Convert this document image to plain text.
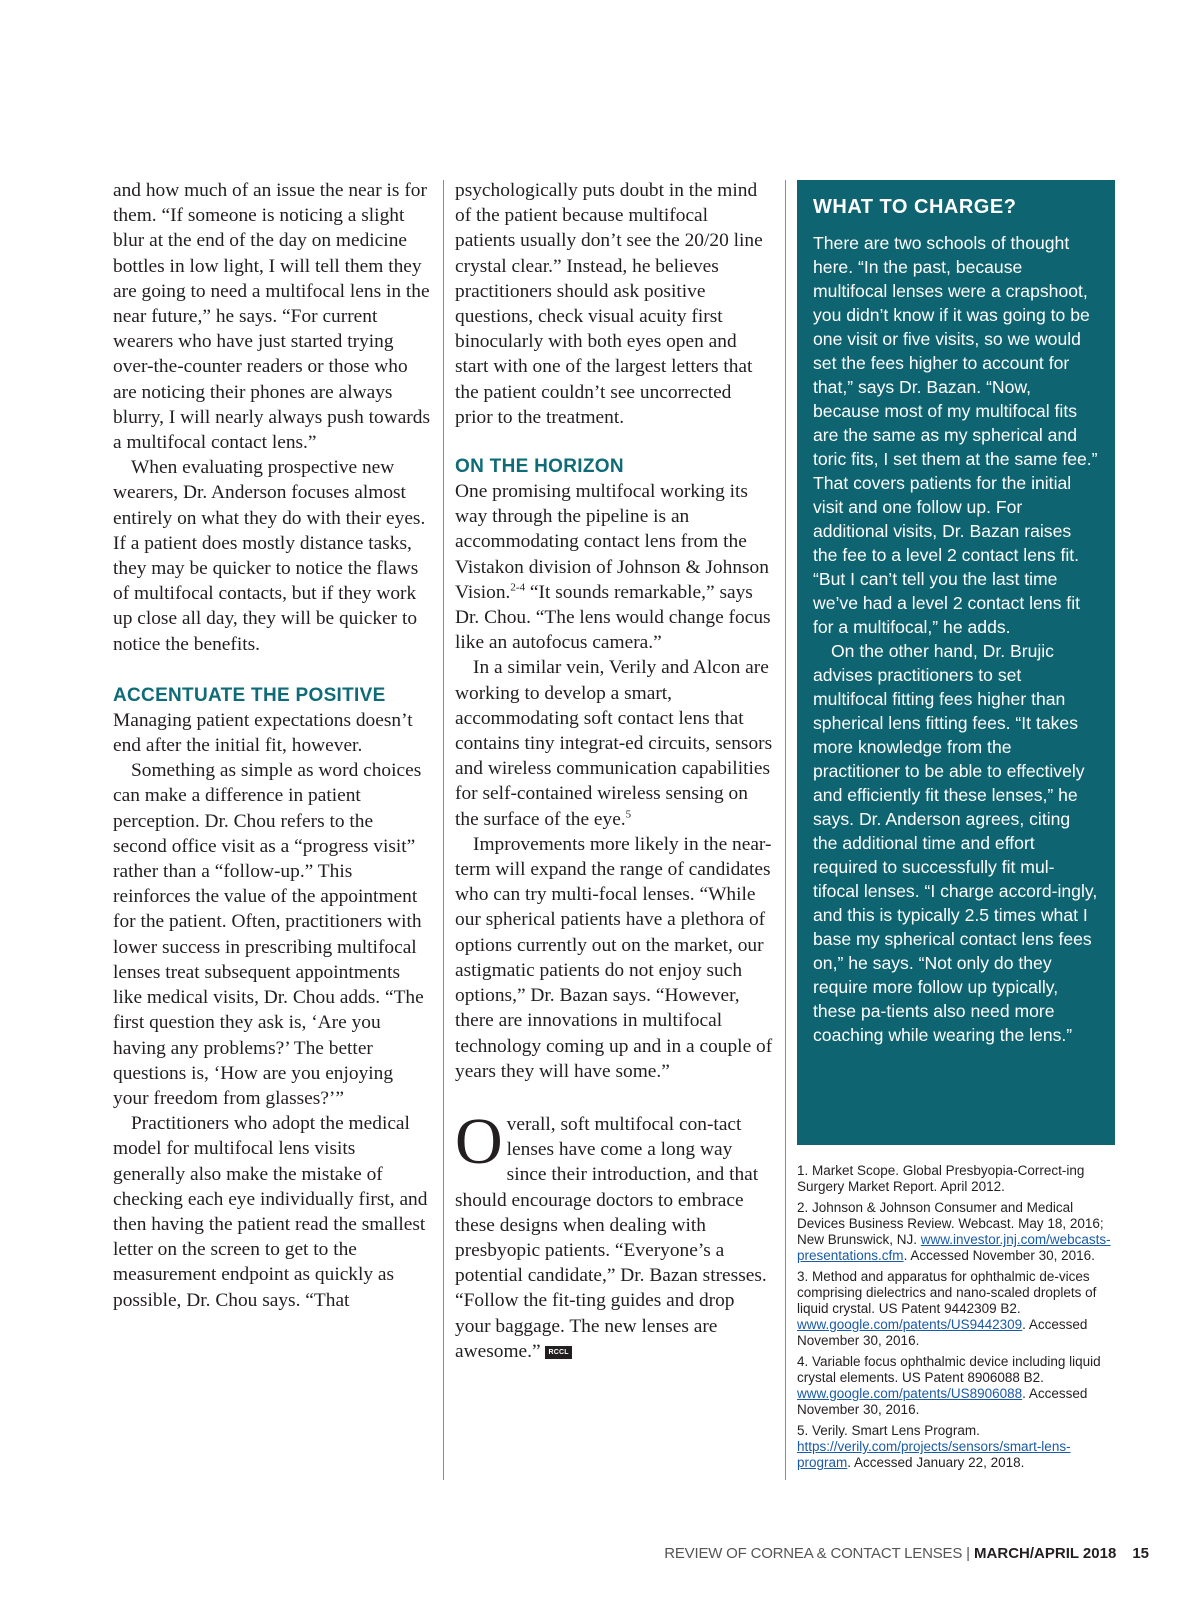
and how much of an issue the near is for them. “If someone is noticing a slight blur at the end of the day on medicine bottles in low light, I will tell them they are going to need a multifocal lens in the near future,” he says. “For current wearers who have just started trying over-the-counter readers or those who are noticing their phones are always blurry, I will nearly always push towards a multifocal contact lens.”

When evaluating prospective new wearers, Dr. Anderson focuses almost entirely on what they do with their eyes. If a patient does mostly distance tasks, they may be quicker to notice the flaws of multifocal contacts, but if they work up close all day, they will be quicker to notice the benefits.

ACCENTUATE THE POSITIVE

Managing patient expectations doesn’t end after the initial fit, however.

Something as simple as word choices can make a difference in patient perception. Dr. Chou refers to the second office visit as a “progress visit” rather than a “follow-up.” This reinforces the value of the appointment for the patient. Often, practitioners with lower success in prescribing multifocal lenses treat subsequent appointments like medical visits, Dr. Chou adds. “The first question they ask is, ‘Are you having any problems?’ The better questions is, ‘How are you enjoying your freedom from glasses?’”

Practitioners who adopt the medical model for multifocal lens visits generally also make the mistake of checking each eye individually first, and then having the patient read the smallest letter on the screen to get to the measurement endpoint as quickly as possible, Dr. Chou says. “That

psychologically puts doubt in the mind of the patient because multifocal patients usually don’t see the 20/20 line crystal clear.” Instead, he believes practitioners should ask positive questions, check visual acuity first binocularly with both eyes open and start with one of the largest letters that the patient couldn’t see uncorrected prior to the treatment.

ON THE HORIZON

One promising multifocal working its way through the pipeline is an accommodating contact lens from the Vistakon division of Johnson & Johnson Vision.$^{2-4}$ “It sounds remarkable,” says Dr. Chou. “The lens would change focus like an autofocus camera.”

In a similar vein, Verily and Alcon are working to develop a smart, accommodating soft contact lens that contains tiny integrat-ed circuits, sensors and wireless communication capabilities for self-contained wireless sensing on the surface of the eye.$^5$

Improvements more likely in the near-term will expand the range of candidates who can try multi-focal lenses. “While our spherical patients have a plethora of options currently out on the market, our astigmatic patients do not enjoy such options,” Dr. Bazan says. “However, there are innovations in multifocal technology coming up and in a couple of years they will have some.”

Overall, soft multifocal con-tact lenses have come a long way since their introduction, and that should encourage doctors to embrace these designs when dealing with presbyopic patients. “Everyone’s a potential candidate,” Dr. Bazan stresses. “Follow the fit-ting guides and drop your baggage. The new lenses are awesome.” RCCL

WHAT TO CHARGE?

There are two schools of thought here. “In the past, because multifocal lenses were a crapshoot, you didn’t know if it was going to be one visit or five visits, so we would set the fees higher to account for that,” says Dr. Bazan. “Now, because most of my multifocal fits are the same as my spherical and toric fits, I set them at the same fee.” That covers patients for the initial visit and one follow up. For additional visits, Dr. Bazan raises the fee to a level 2 contact lens fit. “But I can’t tell you the last time we’ve had a level 2 contact lens fit for a multifocal,” he adds.

On the other hand, Dr. Brujic advises practitioners to set multifocal fitting fees higher than spherical lens fitting fees. “It takes more knowledge from the practitioner to be able to effectively and efficiently fit these lenses,” he says. Dr. Anderson agrees, citing the additional time and effort required to successfully fit mul-tifocal lenses. “I charge accord-ingly, and this is typically 2.5 times what I base my spherical contact lens fees on,” he says. “Not only do they require more follow up typically, these pa-tients also need more coaching while wearing the lens.”

1. Market Scope. Global Presbyopia-Correct-ing Surgery Market Report. April 2012.
2. Johnson & Johnson Consumer and Medical Devices Business Review. Webcast. May 18, 2016; New Brunswick, NJ. www.investor.jnj.com/webcasts-presentations.cfm. Accessed November 30, 2016.
3. Method and apparatus for ophthalmic de-vices comprising dielectrics and nano-scaled droplets of liquid crystal. US Patent 9442309 B2. www.google.com/patents/US9442309. Accessed November 30, 2016.
4. Variable focus ophthalmic device including liquid crystal elements. US Patent 8906088 B2. www.google.com/patents/US8906088. Accessed November 30, 2016.
5. Verily. Smart Lens Program. https://verily.com/projects/sensors/smart-lens-program. Accessed January 22, 2018.
REVIEW OF CORNEA & CONTACT LENSES | MARCH/APRIL 2018 15
